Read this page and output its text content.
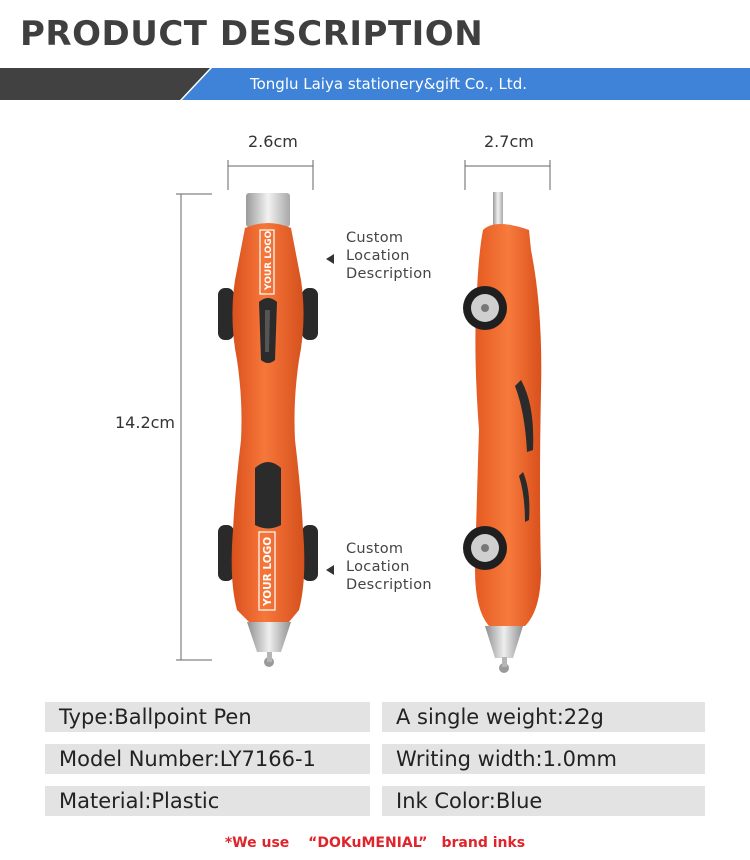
PRODUCT DESCRIPTION
Tonglu Laiya stationery&gift Co., Ltd.
2.6cm	2.7cm
14.2cm
YOUR LOGO
YOUR LOGO
Custom
Location
Description
Custom
Location
Description
Type:Ballpoint Pen	A single weight:22g
Model Number:LY7166-1	Writing width:1.0mm
Material:Plastic	Ink Color:Blue
*We use 　“DOKuMENIAL”　brand inks
